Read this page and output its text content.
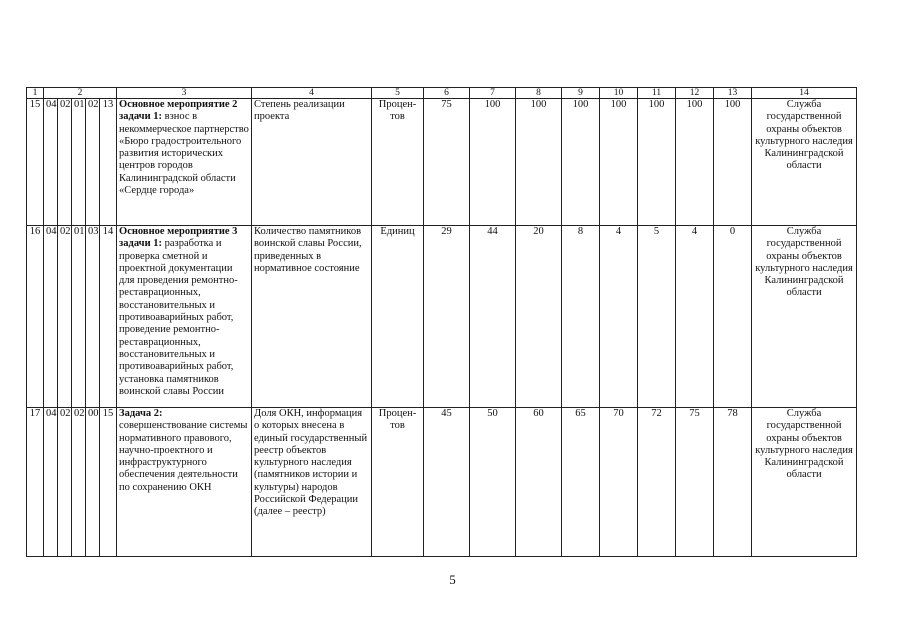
1	2					3	4	5	6	7	8	9	10	11	12	13	14
15	04	02	01	02	13	Основное мероприятие 2 задачи 1: взнос в некоммерческое партнерство «Бюро градостроительного развития исторических центров городов Калининградской области «Сердце города»	Степень реализации проекта	Процен-тов	75	100	100	100	100	100	100	100	Служба государственной охраны объектов культурного наследия Калининградской области
16	04	02	01	03	14	Основное мероприятие 3 задачи 1: разработка и проверка сметной и проектной документации для проведения ремонтно-реставрационных, восстановительных и противоаварийных работ, проведение ремонтно-реставрационных, восстановительных и противоаварийных работ, установка памятников воинской славы России	Количество памятников воинской славы России, приведенных в нормативное состояние	Единиц	29	44	20	8	4	5	4	0	Служба государственной охраны объектов культурного наследия Калининградской области
17	04	02	02	00	15	Задача 2: совершенствование системы нормативного правового, научно-проектного и инфраструктурного обеспечения деятельности по сохранению ОКН	Доля ОКН, информация о которых внесена в единый государственный реестр объектов культурного наследия (памятников истории и культуры) народов Российской Федерации (далее – реестр)	Процен-тов	45	50	60	65	70	72	75	78	Служба государственной охраны объектов культурного наследия Калининградской области
5
